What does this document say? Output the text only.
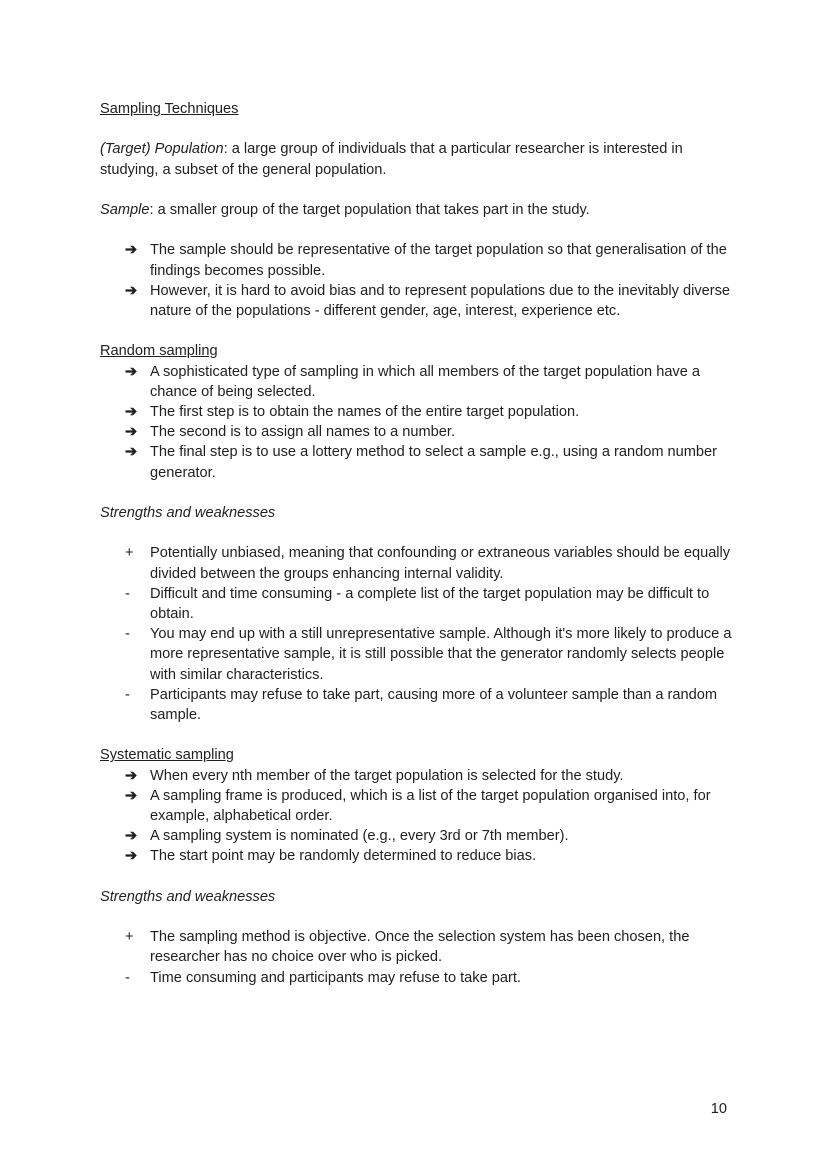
Sampling Techniques

(Target) Population: a large group of individuals that a particular researcher is interested in studying, a subset of the general population.

Sample: a smaller group of the target population that takes part in the study.

➔ The sample should be representative of the target population so that generalisation of the findings becomes possible.
➔ However, it is hard to avoid bias and to represent populations due to the inevitably diverse nature of the populations - different gender, age, interest, experience etc.

Random sampling

➔ A sophisticated type of sampling in which all members of the target population have a chance of being selected.
➔ The first step is to obtain the names of the entire target population.
➔ The second is to assign all names to a number.
➔ The final step is to use a lottery method to select a sample e.g., using a random number generator.

Strengths and weaknesses

+ Potentially unbiased, meaning that confounding or extraneous variables should be equally divided between the groups enhancing internal validity.
- Difficult and time consuming - a complete list of the target population may be difficult to obtain.
- You may end up with a still unrepresentative sample. Although it's more likely to produce a more representative sample, it is still possible that the generator randomly selects people with similar characteristics.
- Participants may refuse to take part, causing more of a volunteer sample than a random sample.

Systematic sampling

➔ When every nth member of the target population is selected for the study.
➔ A sampling frame is produced, which is a list of the target population organised into, for example, alphabetical order.
➔ A sampling system is nominated (e.g., every 3rd or 7th member).
➔ The start point may be randomly determined to reduce bias.

Strengths and weaknesses

+ The sampling method is objective. Once the selection system has been chosen, the researcher has no choice over who is picked.
- Time consuming and participants may refuse to take part.
10
